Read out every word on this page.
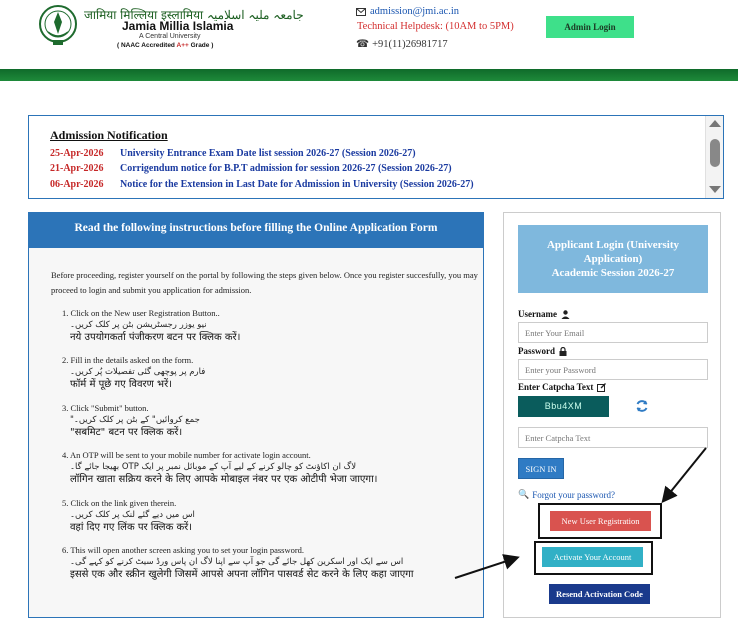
जामिया मिल्लिया इस्लामिया جامعہ ملیہ اسلامیہ
Jamia Millia Islamia
A Central University
( NAAC Accredited A++ Grade )
admission@jmi.ac.in
Technical Helpdesk: (10AM to 5PM)
☎ +91(11)26981717
Admin Login
Admission Notification
25-Apr-2026	University Entrance Exam Date list session 2026-27 (Session 2026-27)
21-Apr-2026	Corrigendum notice for B.P.T admission for session 2026-27 (Session 2026-27)
06-Apr-2026	Notice for the Extension in Last Date for Admission in University (Session 2026-27)
Read the following instructions before filling the Online Application Form
Before proceeding, register yourself on the portal by following the steps given below. Once you register succesfully, you may proceed to login and submit you application for admission.
1. Click on the New user Registration Button..
نیو یوزر رجسٹریشن بٹن پر کلک کریں۔
नये उपयोगकर्ता पंजीकरण बटन पर क्लिक करें।
2. Fill in the details asked on the form.
فارم پر پوچھی گئی تفصیلات پُر کریں۔
फॉर्म में पूछे गए विवरण भरें।
3. Click "Submit" button.
جمع کروائیں" کے بٹن پر کلک کریں۔"
"सबमिट" बटन पर क्लिक करें।
4. An OTP will be sent to your mobile number for activate login account.
لاگ ان اکاؤنٹ کو چالو کرنے کے لیے آپ کے موبائل نمبر پر ایک OTP بھیجا جائے گا۔
लॉगिन खाता सक्रिय करने के लिए आपके मोबाइल नंबर पर एक ओटीपी भेजा जाएगा।
5. Click on the link given therein.
اس میں دیے گئے لنک پر کلک کریں۔
वहां दिए गए लिंक पर क्लिक करें।
6. This will open another screen asking you to set your login password.
اس سے ایک اور اسکرین کھل جائے گی جو آپ سے اپنا لاگ ان پاس ورڈ سیٹ کرنے کو کہے گی۔
इससे एक और स्क्रीन खुलेगी जिसमें आपसे अपना लॉगिन पासवर्ड सेट करने के लिए कहा जाएगा
Applicant Login (University
Application)
Academic Session 2026-27
Username
Enter Your Email
Password
Enter your Password
Enter Catpcha Text
Bbu4XM
Enter Catpcha Text
SIGN IN
🔍 Forgot your password?
New User Registration
Activate Your Account
Resend Activation Code
